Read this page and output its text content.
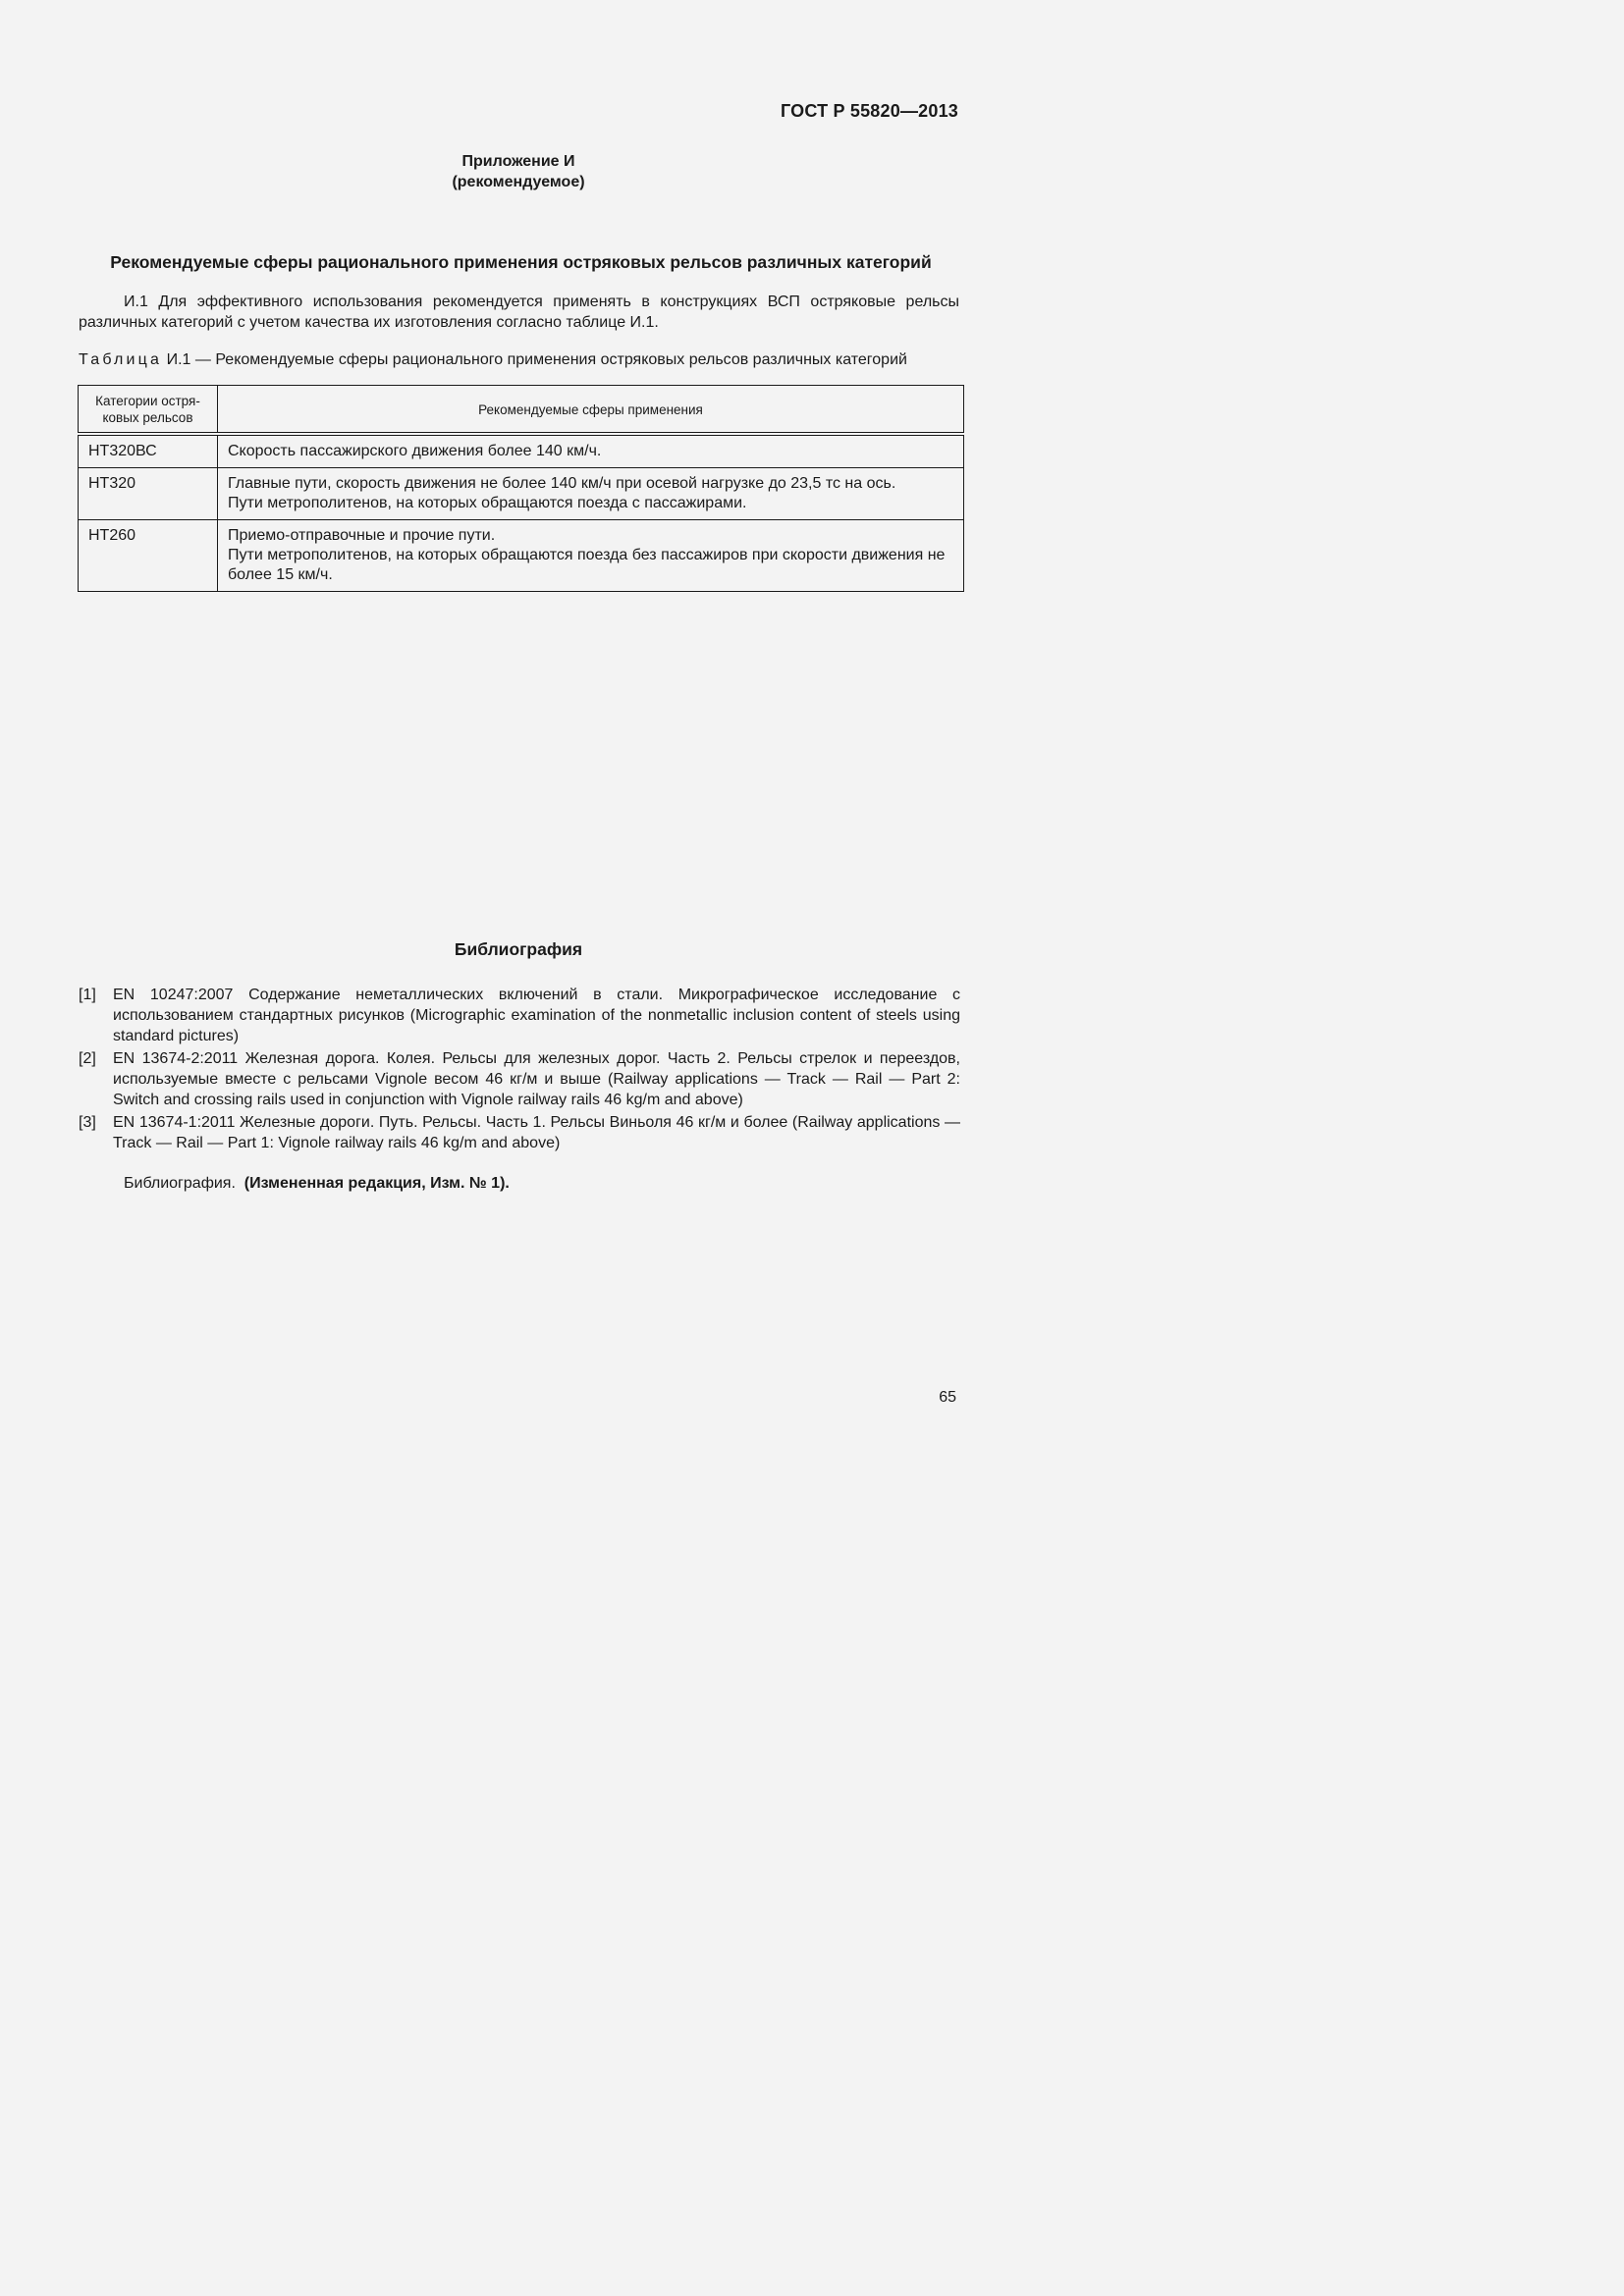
ГОСТ Р 55820—2013
Приложение И
(рекомендуемое)
Рекомендуемые сферы рационального применения остряковых рельсов различных категорий
И.1 Для эффективного использования рекомендуется применять в конструкциях ВСП остряковые рельсы различных категорий с учетом качества их изготовления согласно таблице И.1.
Таблица И.1 — Рекомендуемые сферы рационального применения остряковых рельсов различных категорий
Категории остря-
ковых рельсов	Рекомендуемые сферы применения
НТ320ВС	Скорость пассажирского движения более 140 км/ч.

НТ320	Главные пути, скорость движения не более 140 км/ч при осевой нагрузке до 23,5 тс на ось.
Пути метрополитенов, на которых обращаются поезда с пассажирами.

НТ260	Приемо-отправочные и прочие пути.
Пути метрополитенов, на которых обращаются поезда без пассажиров при скорости движения не более 15 км/ч.
Библиография
[1]	EN 10247:2007 Содержание неметаллических включений в стали. Микрографическое исследование с использованием стандартных рисунков (Micrographic examination of the nonmetallic inclusion content of steels using standard pictures)
[2]	EN 13674-2:2011 Железная дорога. Колея. Рельсы для железных дорог. Часть 2. Рельсы стрелок и переездов, используемые вместе с рельсами Vignole весом 46 кг/м и выше (Railway applications — Track — Rail — Part 2: Switch and crossing rails used in conjunction with Vignole railway rails 46 kg/m and above)
[3]	EN 13674-1:2011 Железные дороги. Путь. Рельсы. Часть 1. Рельсы Виньоля 46 кг/м и более (Railway applications — Track — Rail — Part 1: Vignole railway rails 46 kg/m and above)
Библиография. (Измененная редакция, Изм. № 1).
65
